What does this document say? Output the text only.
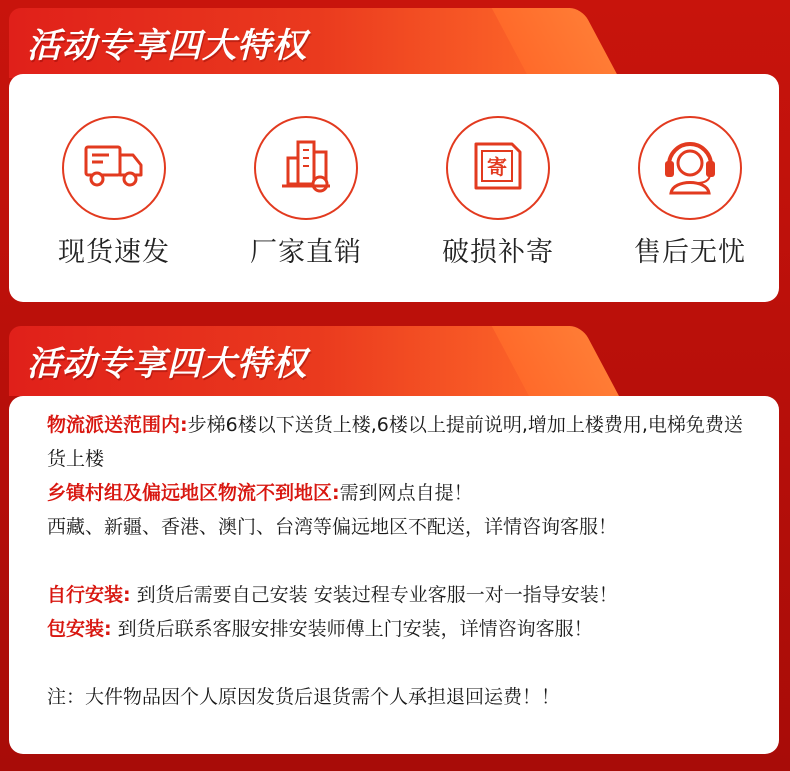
活动专享四大特权
现货速发	厂家直销
寄
破损补寄	售后无忧
活动专享四大特权
物流派送范围内:步梯6楼以下送货上楼,6楼以上提前说明,增加上楼费用,电梯免费送货上楼
乡镇村组及偏远地区物流不到地区:需到网点自提！
西藏、新疆、香港、澳门、台湾等偏远地区不配送，详情咨询客服！
自行安装: 到货后需要自己安装 安装过程专业客服一对一指导安装！
包安装: 到货后联系客服安排安装师傅上门安装，详情咨询客服！
注：大件物品因个人原因发货后退货需个人承担退回运费！！
